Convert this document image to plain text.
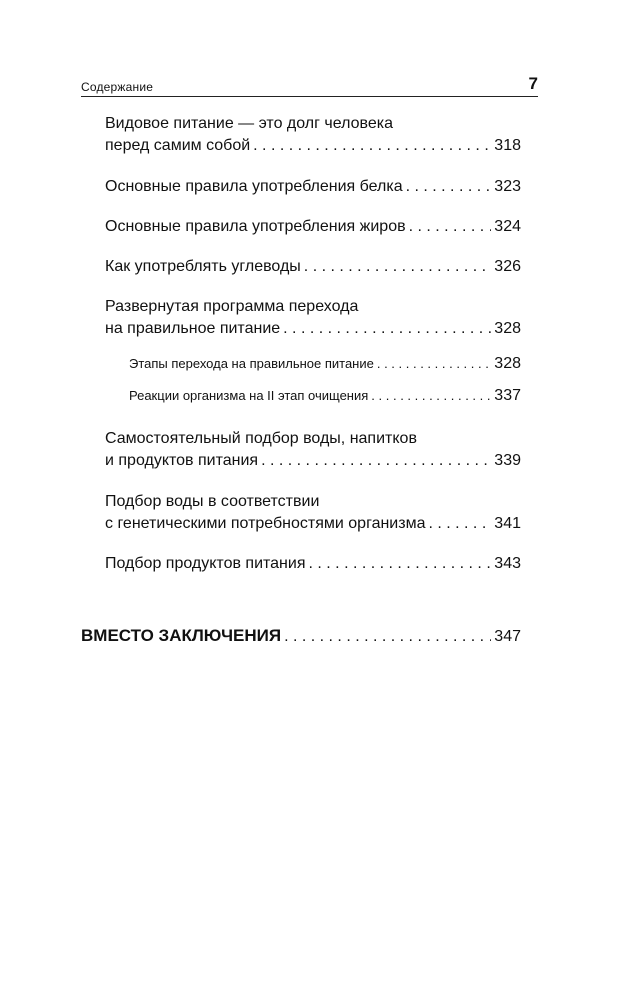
Содержание	7
Видовое питание — это долг человека
перед самим собой . . .	318
Основные правила употребления белка . . .	323
Основные правила употребления жиров . . .	324
Как употреблять углеводы . . .	326
Развернутая программа перехода
на правильное питание . . .	328
Этапы перехода на правильное питание . . .	328
Реакции организма на II этап очищения . . .	337
Самостоятельный подбор воды, напитков
и продуктов питания . . .	339
Подбор воды в соответствии
с генетическими потребностями организма . . .	341
Подбор продуктов питания . . .	343
ВМЕСТО ЗАКЛЮЧЕНИЯ . . .	347
